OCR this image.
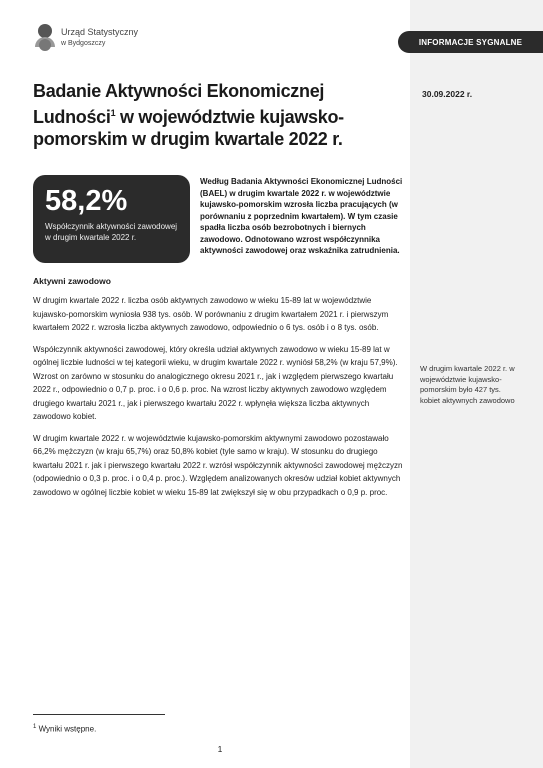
Urząd Statystyczny
w Bydgoszczy	INFORMACJE SYGNALNE
30.09.2022 r.
Badanie Aktywności Ekonomicznej Ludności$^1$ w województwie kujawsko-pomorskim w drugim kwartale 2022 r.
58,2%
Współczynnik aktywności zawodowej w drugim kwartale 2022 r.
Według Badania Aktywności Ekonomicznej Ludności (BAEL) w drugim kwartale 2022 r. w województwie kujawsko-pomorskim wzrosła liczba pracujących (w porównaniu z poprzednim kwartałem). W tym czasie spadła liczba osób bezrobotnych i biernych zawodowo. Odnotowano wzrost współczynnika aktywności zawodowej oraz wskaźnika zatrudnienia.
Aktywni zawodowo

W drugim kwartale 2022 r. liczba osób aktywnych zawodowo w wieku 15-89 lat w województwie kujawsko-pomorskim wyniosła 938 tys. osób. W porównaniu z drugim kwartałem 2021 r. i pierwszym kwartałem 2022 r. wzrosła liczba aktywnych zawodowo, odpowiednio o 6 tys. osób i o 8 tys. osób.

Współczynnik aktywności zawodowej, który określa udział aktywnych zawodowo w wieku 15-89 lat w ogólnej liczbie ludności w tej kategorii wieku, w drugim kwartale 2022 r. wyniósł 58,2% (w kraju 57,9%). Wzrost on zarówno w stosunku do analogicznego okresu 2021 r., jak i względem pierwszego kwartału 2022 r., odpowiednio o 0,7 p. proc. i o 0,6 p. proc. Na wzrost liczby aktywnych zawodowo względem drugiego kwartału 2021 r., jak i pierwszego kwartału 2022 r. wpłynęła większa liczba aktywnych zawodowo kobiet.

W drugim kwartale 2022 r. w województwie kujawsko-pomorskim aktywnymi zawodowo pozostawało 66,2% mężczyzn (w kraju 65,7%) oraz 50,8% kobiet (tyle samo w kraju). W stosunku do drugiego kwartału 2021 r. jak i pierwszego kwartału 2022 r. wzrósł współczynnik aktywności zawodowej mężczyzn (odpowiednio o 0,3 p. proc. i o 0,4 p. proc.). Względem analizowanych okresów udział kobiet aktywnych zawodowo w ogólnej liczbie kobiet w wieku 15-89 lat zwiększył się w obu przypadkach o 0,9 p. proc.

W drugim kwartale 2022 r. w województwie kujawsko-pomorskim było 427 tys. kobiet aktywnych zawodowo
$^1$ Wyniki wstępne.
1
